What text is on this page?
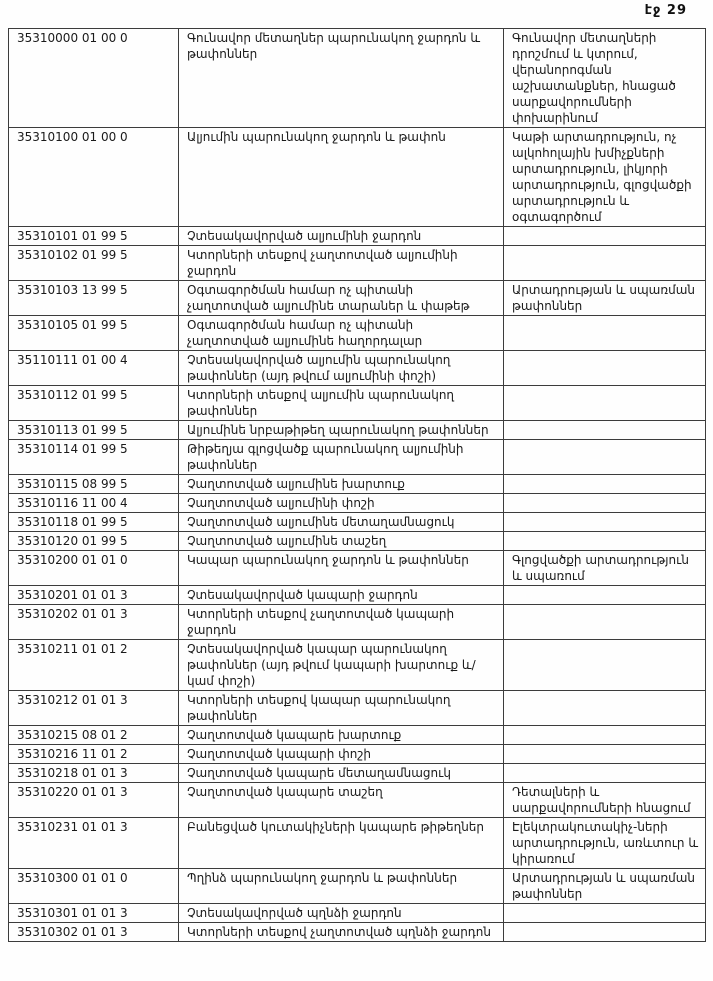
էջ 29
35310000 01 00 0	Գունավոր մետաղներ պարունակող ջարդոն և թափոններ	Գունավոր մետաղների դրոշմում և կտրում, վերանորոգման աշխատանքներ, հնացած սարքավորումների փոխարինում
35310100 01 00 0	Ալյումին պարունակող ջարդոն և թափոն	Կաթի արտադրություն, ոչ ալկոհոլային խմիչքների արտադրություն, լիկյորի արտադրություն, գլոցվածքի արտադրություն և օգտագործում
35310101 01 99 5	Չտեսակավորված ալյումինի ջարդոն	
35310102 01 99 5	Կտորների տեսքով չաղտոտված ալյումինի ջարդոն	
35310103 13 99 5	Օգտագործման համար ոչ պիտանի չաղտոտված ալյումինե տարաներ և փաթեթ	Արտադրության և սպառման թափոններ
35310105 01 99 5	Օգտագործման համար ոչ պիտանի չաղտոտված ալյումինե հաղորդալար	
35110111 01 00 4	Չտեսակավորված ալյումին պարունակող թափոններ (այդ թվում ալյումինի փոշի)	
35310112 01 99 5	Կտորների տեսքով ալյումին պարունակող թափոններ	
35310113 01 99 5	Ալյումինե նրբաթիթեղ պարունակող թափոններ	
35310114 01 99 5	Թիթեղյա գլոցվածք պարունակող ալյումինի թափոններ	
35310115 08 99 5	Չաղտոտված ալյումինե խարտուք	
35310116 11 00 4	Չաղտոտված ալյումինի փոշի	
35310118 01 99 5	Չաղտոտված ալյումինե մետաղամնացուկ	
35310120 01 99 5	Չաղտոտված ալյումինե տաշեղ	
35310200 01 01 0	Կապար պարունակող ջարդոն և թափոններ	Գլոցվածքի արտադրություն և սպառում
35310201 01 01 3	Չտեսակավորված կապարի ջարդոն	
35310202 01 01 3	Կտորների տեսքով չաղտոտված կապարի ջարդոն	
35310211 01 01 2	Չտեսակավորված կապար պարունակող թափոններ (այդ թվում կապարի խարտուք և/կամ փոշի)	
35310212 01 01 3	Կտորների տեսքով կապար պարունակող թափոններ	
35310215 08 01 2	Չաղտոտված կապարե խարտուք	
35310216 11 01 2	Չաղտոտված կապարի փոշի	
35310218 01 01 3	Չաղտոտված կապարե մետաղամնացուկ	
35310220 01 01 3	Չաղտոտված կապարե տաշեղ	Դետալների և սարքավորումների հնացում
35310231 01 01 3	Բանեցված կուտակիչների կապարե թիթեղներ	Էլեկտրակուտակիչ-ների արտադրություն, առևտուր և կիրառում
35310300 01 01 0	Պղինձ պարունակող ջարդոն և թափոններ	Արտադրության և սպառման թափոններ
35310301 01 01 3	Չտեսակավորված պղնձի ջարդոն	
35310302 01 01 3	Կտորների տեսքով չաղտոտված պղնձի ջարդոն	
